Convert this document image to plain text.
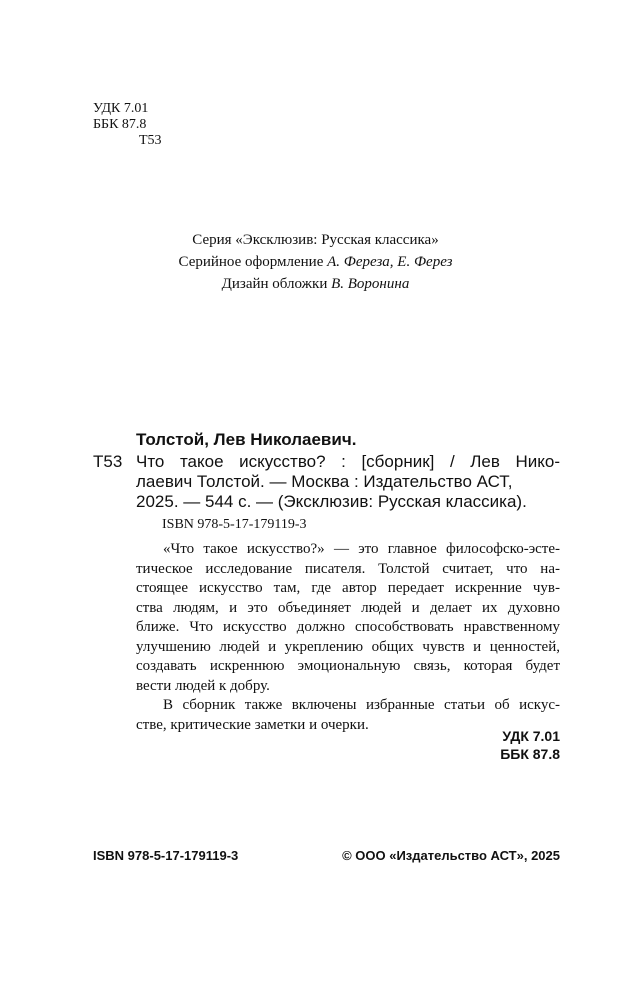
УДК 7.01
ББК 87.8
Т53
Серия «Эксклюзив: Русская классика»
Серийное оформление А. Фереза, Е. Ферез
Дизайн обложки В. Воронина
Толстой, Лев Николаевич.
Т53 Что такое искусство? : [сборник] / Лев Нико-
лаевич Толстой. — Москва : Издательство АСТ,
2025. — 544 с. — (Эксклюзив: Русская классика).
ISBN 978-5-17-179119-3
«Что такое искусство?» — это главное философско-эсте-
тическое исследование писателя. Толстой считает, что на-
стоящее искусство там, где автор передает искренние чув-
ства людям, и это объединяет людей и делает их духовно
ближе. Что искусство должно способствовать нравственному
улучшению людей и укреплению общих чувств и ценностей,
создавать искреннюю эмоциональную связь, которая будет
вести людей к добру.
В сборник также включены избранные статьи об искус-
стве, критические заметки и очерки.
УДК 7.01
ББК 87.8
ISBN 978-5-17-179119-3	© ООО «Издательство АСТ», 2025
